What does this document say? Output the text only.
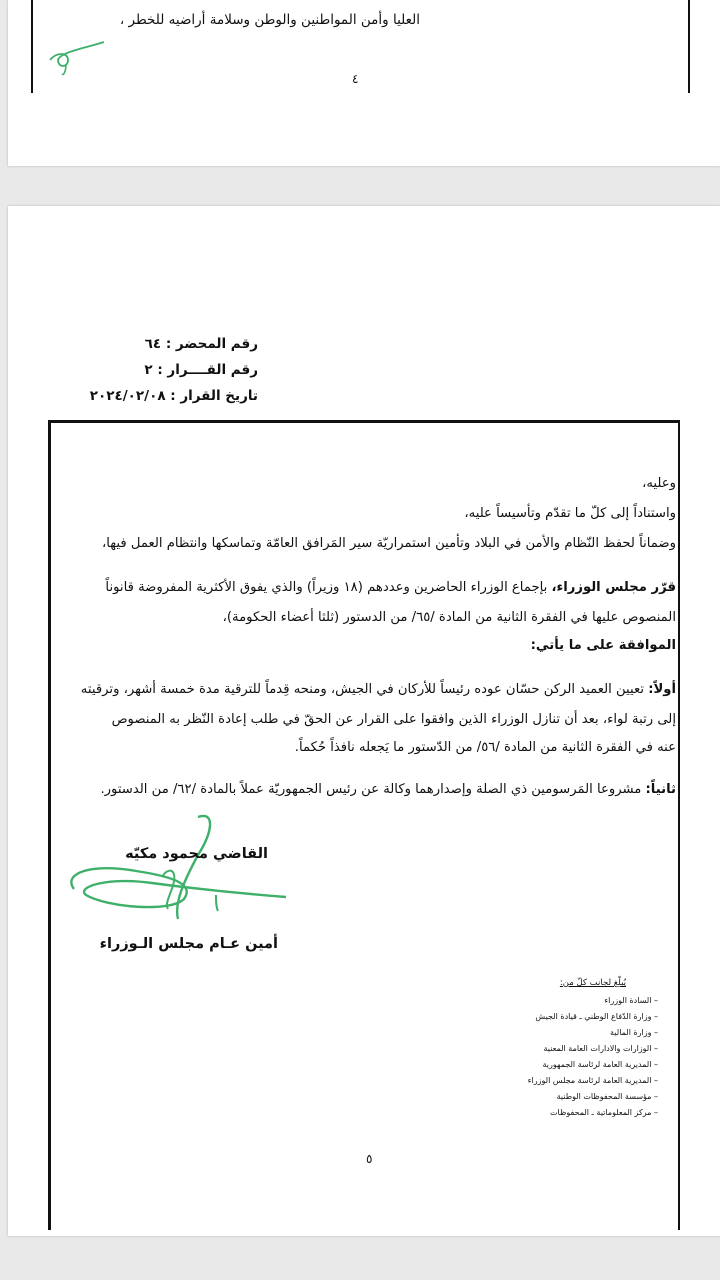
العليا وأمن المواطنين والوطن وسلامة أراضيه للخطر ،
٤
رقم المحضر : ٦٤
رقم القــــرار : ٢
تاريخ القرار : ٢٠٢٤/٠٢/٠٨
وعليه،
واستناداً إلى كلّ ما تقدّم وتأسيساً عليه،
وضماناً لحفظ النّظام والأمن في البلاد وتأمين استمراريّة سير المَرافق العامّة وتماسكها وانتظام العمل فيها،
قرّر مجلس الوزراء، بإجماع الوزراء الحاضرين وعددهم (١٨ وزيراً) والذي يفوق الأكثرية المفروضة قانوناً
المنصوص عليها في الفقرة الثانية من المادة /٦٥/ من الدستور (ثلثا أعضاء الحكومة)،
الموافقة على ما يأتي:
أولاً: تعيين العميد الركن حسّان عوده رئيساً للأركان في الجيش، ومنحه قِدماً للترقية مدة خمسة أشهر، وترقيته
إلى رتبة لواء، بعد أن تنازل الوزراء الذين وافقوا على القرار عن الحقّ في طلب إعادة النّظر به المنصوص
عنه في الفقرة الثانية من المادة /٥٦/ من الدّستور ما يَجعله نافذاً حُكماً.
ثانياً: مشروعا المَرسومين ذي الصلة وإصدارهما وكالة عن رئيس الجمهوريّة عملاً بالمادة /٦٢/ من الدستور.
القاضي محمود مكيّه
أمين عـام مجلس الـوزراء
يُبلّغ لجانب كلّ من:
– السادة الوزراء
– وزارة الدّفاع الوطني ـ قيادة الجيش
– وزارة المالية
– الوزارات والادارات العامة المعنية
– المديرية العامة لرئاسة الجمهورية
– المديرية العامة لرئاسة مجلس الوزراء
– مؤسسة المحفوظات الوطنية
– مركز المعلوماتية ـ المحفوظات
٥
